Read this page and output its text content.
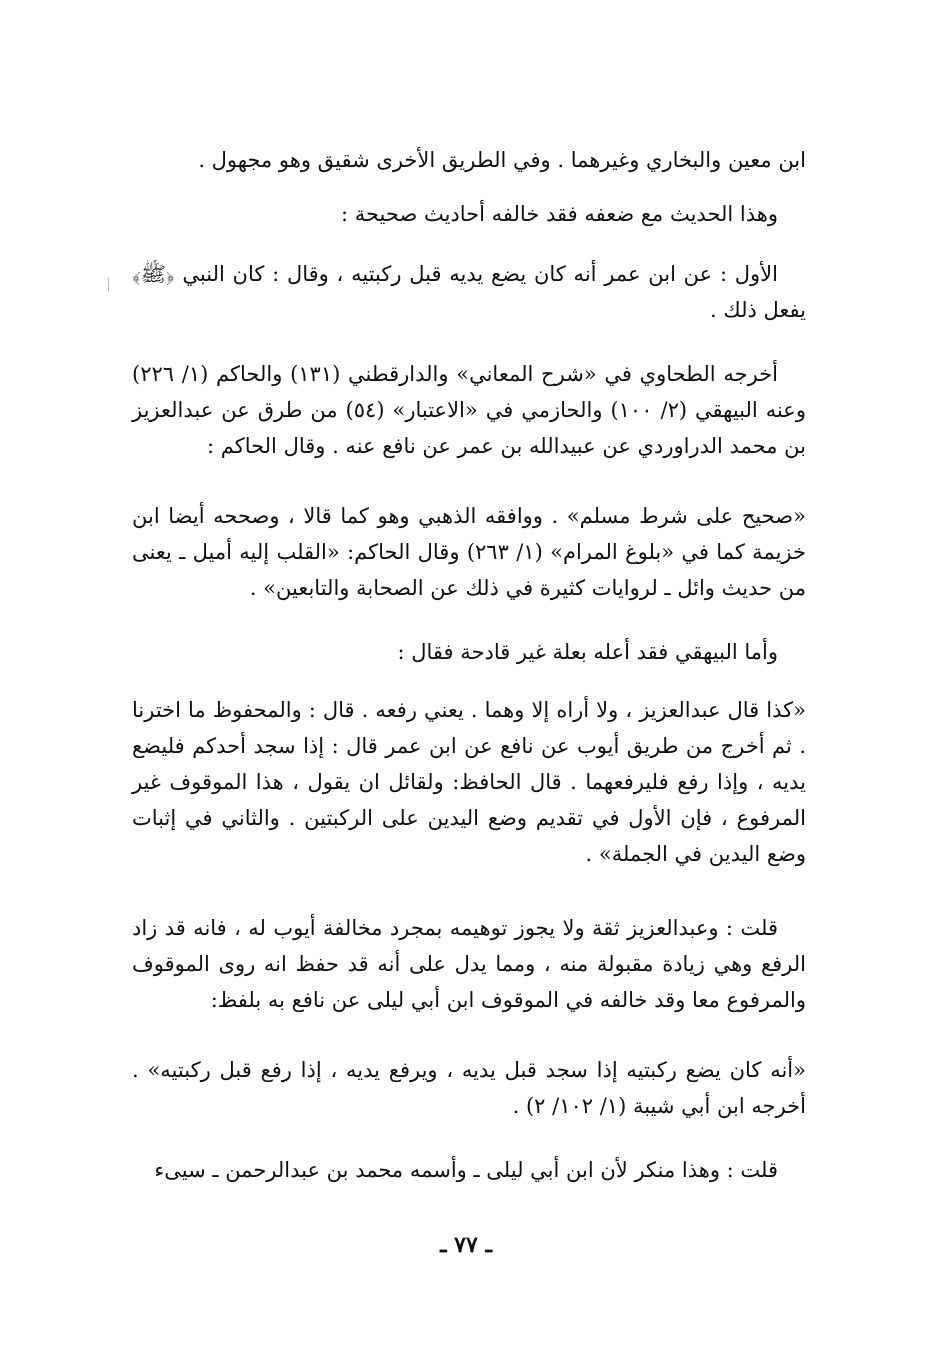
ابن معين والبخاري وغيرهما . وفي الطريق الأخرى شقيق وهو مجهول .

وهذا الحديث مع ضعفه فقد خالفه أحاديث صحيحة :

الأول : عن ابن عمر أنه كان يضع يديه قبل ركبتيه ، وقال : كان النبي ﴿ﷺ﴾ يفعل ذلك .

أخرجه الطحاوي في «شرح المعاني» والدارقطني (١٣١) والحاكم (١/ ٢٢٦) وعنه البيهقي (٢/ ١٠٠) والحازمي في «الاعتبار» (٥٤) من طرق عن عبدالعزيز بن محمد الدراوردي عن عبيدالله بن عمر عن نافع عنه . وقال الحاكم :

«صحيح على شرط مسلم» . ووافقه الذهبي وهو كما قالا ، وصححه أيضا ابن خزيمة كما في «بلوغ المرام» (١/ ٢٦٣) وقال الحاكم: «القلب إليه أميل ـ يعنى من حديث وائل ـ لروايات كثيرة في ذلك عن الصحابة والتابعين» .

وأما البيهقي فقد أعله بعلة غير قادحة فقال :

«كذا قال عبدالعزيز ، ولا أراه إلا وهما . يعني رفعه . قال : والمحفوظ ما اخترنا . ثم أخرج من طريق أيوب عن نافع عن ابن عمر قال : إذا سجد أحدكم فليضع يديه ، وإذا رفع فليرفعهما . قال الحافظ: ولقائل ان يقول ، هذا الموقوف غير المرفوع ، فإن الأول في تقديم وضع اليدين على الركبتين . والثاني في إثبات وضع اليدين في الجملة» .

قلت : وعبدالعزيز ثقة ولا يجوز توهيمه بمجرد مخالفة أيوب له ، فانه قد زاد الرفع وهي زيادة مقبولة منه ، ومما يدل على أنه قد حفظ انه روى الموقوف والمرفوع معا وقد خالفه في الموقوف ابن أبي ليلى عن نافع به بلفظ:

«أنه كان يضع ركبتيه إذا سجد قبل يديه ، ويرفع يديه ، إذا رفع قبل ركبتيه» . أخرجه ابن أبي شيبة (١/ ١٠٢/ ٢) .

قلت : وهذا منكر لأن ابن أبي ليلى ـ وأسمه محمد بن عبدالرحمن ـ سيىء

ـ ٧٧ ـ
